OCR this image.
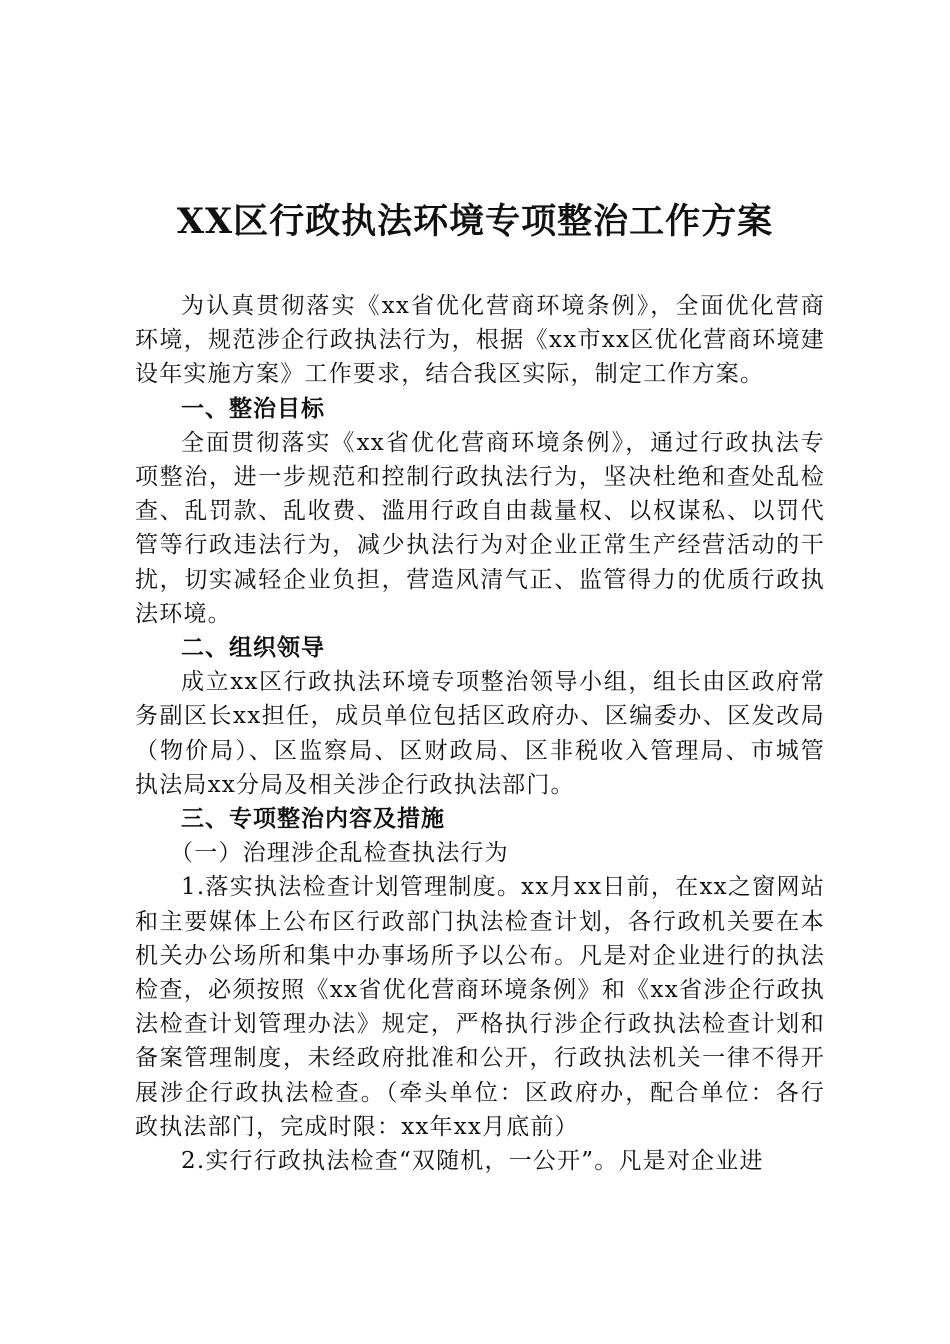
XX区行政执法环境专项整治工作方案

为认真贯彻落实《xx省优化营商环境条例》，全面优化营商环境，规范涉企行政执法行为，根据《xx市xx区优化营商环境建设年实施方案》工作要求，结合我区实际，制定工作方案。

一、整治目标

全面贯彻落实《xx省优化营商环境条例》，通过行政执法专项整治，进一步规范和控制行政执法行为，坚决杜绝和查处乱检查、乱罚款、乱收费、滥用行政自由裁量权、以权谋私、以罚代管等行政违法行为，减少执法行为对企业正常生产经营活动的干扰，切实减轻企业负担，营造风清气正、监管得力的优质行政执法环境。

二、组织领导

成立xx区行政执法环境专项整治领导小组，组长由区政府常务副区长xx担任，成员单位包括区政府办、区编委办、区发改局（物价局）、区监察局、区财政局、区非税收入管理局、市城管执法局xx分局及相关涉企行政执法部门。

三、专项整治内容及措施
（一）治理涉企乱检查执法行为

1.落实执法检查计划管理制度。xx月xx日前，在xx之窗网站和主要媒体上公布区行政部门执法检查计划，各行政机关要在本机关办公场所和集中办事场所予以公布。凡是对企业进行的执法检查，必须按照《xx省优化营商环境条例》和《xx省涉企行政执法检查计划管理办法》规定，严格执行涉企行政执法检查计划和备案管理制度，未经政府批准和公开，行政执法机关一律不得开展涉企行政执法检查。（牵头单位：区政府办，配合单位：各行政执法部门，完成时限：xx年xx月底前）

2.实行行政执法检查“双随机，一公开”。凡是对企业进
